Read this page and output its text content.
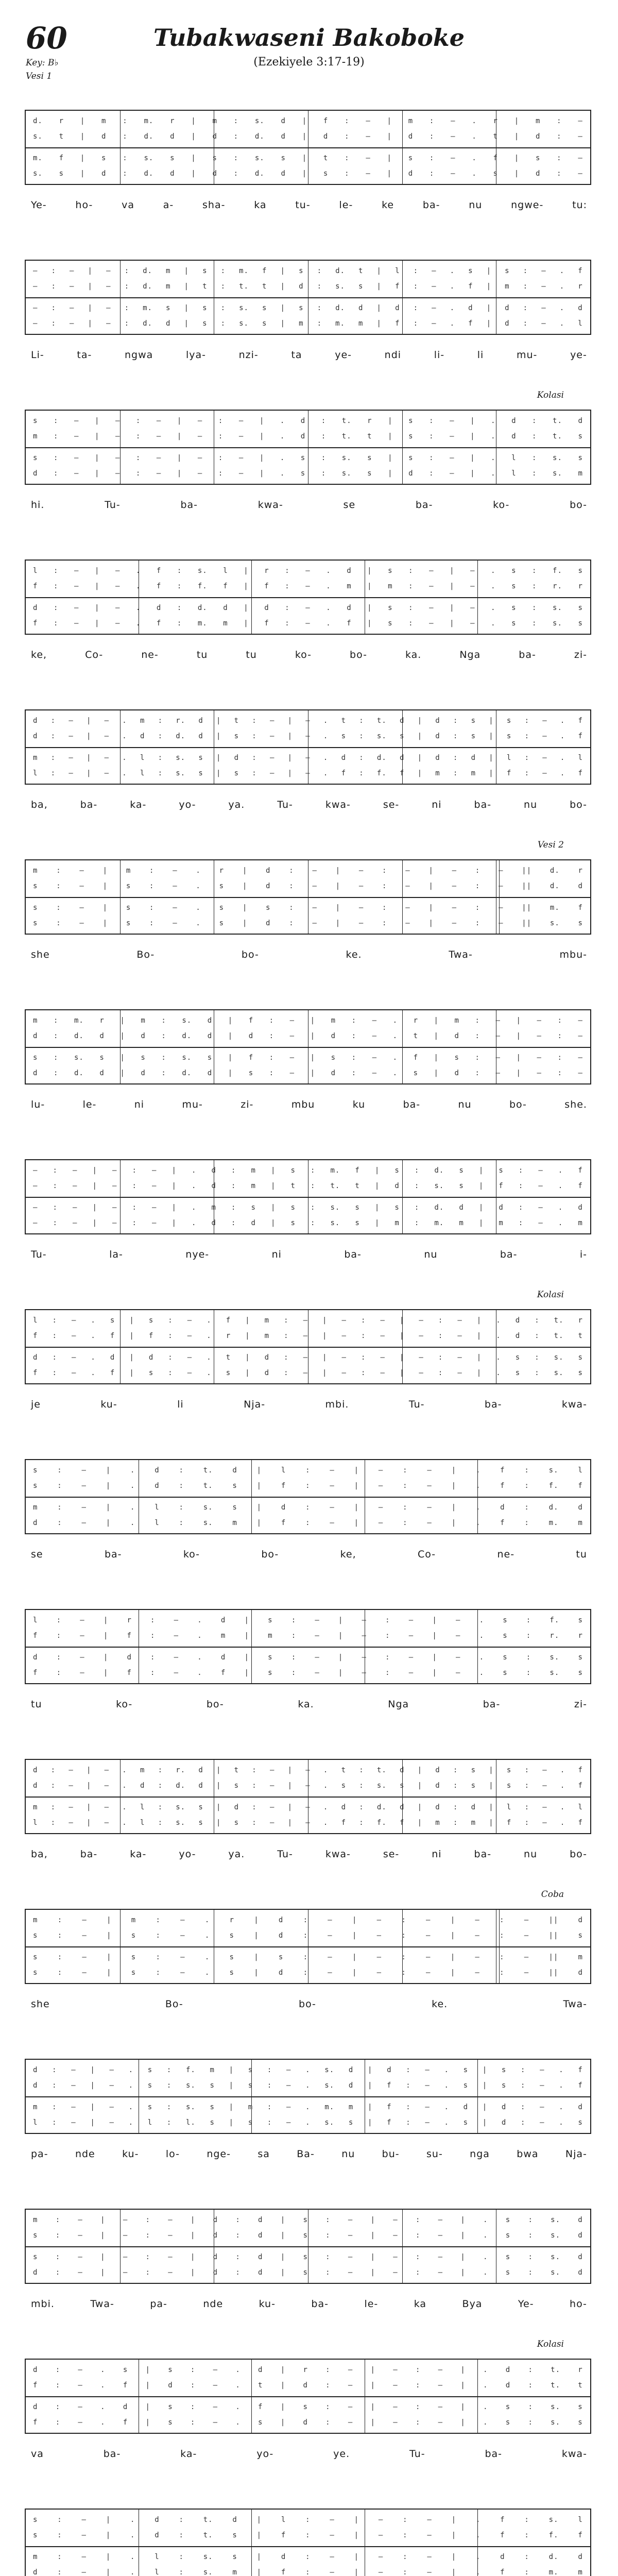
60
Key: B♭
Vesi 1
Tubakwaseni Bakoboke
(Ezekiyele 3:17-19)
d. r | m : m. r | m : s. d | f : — | m : — . r | m : —
s. t | d : d. d | d : d. d | d : — | d : — . t | d : —
m. f | s : s. s | s : s. s | t : — | s : — . f | s : —
s. s | d : d. d | d : d. d | s : — | d : — . s | d : —
Ye-	ho-	va	a-	sha-	ka	tu-	le-	ke	ba-	nu	ngwe-	tu:
— : — | — : d. m | s : m. f | s : d. t | l : — . s | s : — . f
— : — | — : d. m | t : t. t | d : s. s | f : — . f | m : — . r
— : — | — : m. s | s : s. s | s : d. d | d : — . d | d : — . d
— : — | — : d. d | s : s. s | m : m. m | f : — . f | d : — . l
Li-	ta-	ngwa	lya-	nzi-	ta	ye-	ndi	li-	li	mu-	ye-
Kolasi
s : — | — : — | — : — | . d : t. r | s : — | . d : t. d
m : — | — : — | — : — | . d : t. t | s : — | . d : t. s
s : — | — : — | — : — | . s : s. s | s : — | . l : s. s
d : — | — : — | — : — | . s : s. s | d : — | . l : s. m
hi.	Tu-	ba-	kwa-	se	ba-	ko-	bo-
l : — | — . f : s. l | r : — . d | s : — | — . s : f. s
f : — | — . f : f. f | f : — . m | m : — | — . s : r. r
d : — | — . d : d. d | d : — . d | s : — | — . s : s. s
f : — | — . f : m. m | f : — . f | s : — | — . s : s. s
ke,	Co-	ne-	tu	tu	ko-	bo-	ka.	Nga	ba-	zi-
d : — | — . m : r. d | t : — | — . t : t. d | d : s | s : — . f
d : — | — . d : d. d | s : — | — . s : s. s | d : s | s : — . f
m : — | — . l : s. s | d : — | — . d : d. d | d : d | l : — . l
l : — | — . l : s. s | s : — | — . f : f. f | m : m | f : — . f
ba,	ba-	ka-	yo-	ya.	Tu-	kwa-	se-	ni	ba-	nu	bo-
Vesi 2
m	:	—	|	m	:	—	.	r	|	d	:	—	|	—	:	—	|	—	:	—	||	d.	r
s	:	—	|	s	:	—	.	s	|	d	:	—	|	—	:	—	|	—	:	—	||	d.	d
s	:	—	|	s	:	—	.	s	|	s	:	—	|	—	:	—	|	—	:	—	||	m.	f
s	:	—	|	s	:	—	.	s	|	d	:	—	|	—	:	—	|	—	:	—	||	s.	s
she	Bo-	bo-	ke.	Twa-	mbu-
m : m. r | m : s. d | f : — | m : — . r | m : — | — : —
d : d. d | d : d. d | d : — | d : — . t | d : — | — : —
s : s. s | s : s. s | f : — | s : — . f | s : — | — : —
d : d. d | d : d. d | s : — | d : — . s | d : — | — : —
lu-	le-	ni	mu-	zi-	mbu	ku	ba-	nu	bo-	she.
— : — | — : — | . d : m | s : m. f | s : d. s | s : — . f
— : — | — : — | . d : m | t : t. t | d : s. s | f : — . f
— : — | — : — | . m : s | s : s. s | s : d. d | d : — . d
— : — | — : — | . d : d | s : s. s | m : m. m | m : — . m
Tu-	la-	nye-	ni	ba-	nu	ba-	i-
Kolasi
l : — . s | s : — . f | m : — | — : — | — : — | . d : t. r
f : — . f | f : — . r | m : — | — : — | — : — | . d : t. t
d : — . d | d : — . t | d : — | — : — | — : — | . s : s. s
f : — . f | s : — . s | d : — | — : — | — : — | . s : s. s
je	ku-	li	Nja-	mbi.	Tu-	ba-	kwa-
s	:	—	|	.	d	:	t.	d	|	l	:	—	|	—	:	—	|	.	f	:	s.	l
s	:	—	|	.	d	:	t.	s	|	f	:	—	|	—	:	—	|	.	f	:	f.	f
m	:	—	|	.	l	:	s.	s	|	d	:	—	|	—	:	—	|	.	d	:	d.	d
d	:	—	|	.	l	:	s.	m	|	f	:	—	|	—	:	—	|	.	f	:	m.	m
se	ba-	ko-	bo-	ke,	Co-	ne-	tu
l	:	—	|	r	:	—	.	d	|	s	:	—	|	—	:	—	|	—	.	s	:	f.	s
f	:	—	|	f	:	—	.	m	|	m	:	—	|	—	:	—	|	—	.	s	:	r.	r
d	:	—	|	d	:	—	.	d	|	s	:	—	|	—	:	—	|	—	.	s	:	s.	s
f	:	—	|	f	:	—	.	f	|	s	:	—	|	—	:	—	|	—	.	s	:	s.	s
tu	ko-	bo-	ka.	Nga	ba-	zi-
d : — | — . m : r. d | t : — | — . t : t. d | d : s | s : — . f
d : — | — . d : d. d | s : — | — . s : s. s | d : s | s : — . f
m : — | — . l : s. s | d : — | — . d : d. d | d : d | l : — . l
l : — | — . l : s. s | s : — | — . f : f. f | m : m | f : — . f
ba,	ba-	ka-	yo-	ya.	Tu-	kwa-	se-	ni	ba-	nu	bo-
Coba
m	:	—	|	m	:	—	.	r	|	d	:	—	|	—	:	—	|	—	:	—	||	d
s	:	—	|	s	:	—	.	s	|	d	:	—	|	—	:	—	|	—	:	—	||	s
s	:	—	|	s	:	—	.	s	|	s	:	—	|	—	:	—	|	—	:	—	||	m
s	:	—	|	s	:	—	.	s	|	d	:	—	|	—	:	—	|	—	:	—	||	d
she	Bo-	bo-	ke.	Twa-
d : — | — . s : f. m | s : — . s. d | d : — . s | s : — . f
d : — | — . s : s. s | s : — . s. d | f : — . s | s : — . f
m : — | — . s : s. s | m : — . m. m | f : — . d | d : — . d
l : — | — . l : l. s | s : — . s. s | f : — . s | d : — . s
pa-	nde	ku-	lo-	nge-	sa	Ba-	nu	bu-	su-	nga	bwa	Nja-
m : — | — : — | d : d | s : — | — : — | . s : s. d
s : — | — : — | d : d | s : — | — : — | . s : s. d
s : — | — : — | d : d | s : — | — : — | . s : s. d
d : — | — : — | d : d | s : — | — : — | . s : s. d
mbi.	Twa-	pa-	nde	ku-	ba-	le-	ka	Bya	Ye-	ho-
Kolasi
d : — . s | s : — . d | r : — | — : — | . d : t. r
f : — . f | d : — . t | d : — | — : — | . d : t. t
d : — . d | s : — . f | s : — | — : — | . s : s. s
f : — . f | s : — . s | d : — | — : — | . s : s. s
va	ba-	ka-	yo-	ye.	Tu-	ba-	kwa-
s	:	—	|	.	d	:	t.	d	|	l	:	—	|	—	:	—	|	.	f	:	s.	l
s	:	—	|	.	d	:	t.	s	|	f	:	—	|	—	:	—	|	.	f	:	f.	f
m	:	—	|	.	l	:	s.	s	|	d	:	—	|	—	:	—	|	.	d	:	d.	d
d	:	—	|	.	l	:	s.	m	|	f	:	—	|	—	:	—	|	.	f	:	m.	m
